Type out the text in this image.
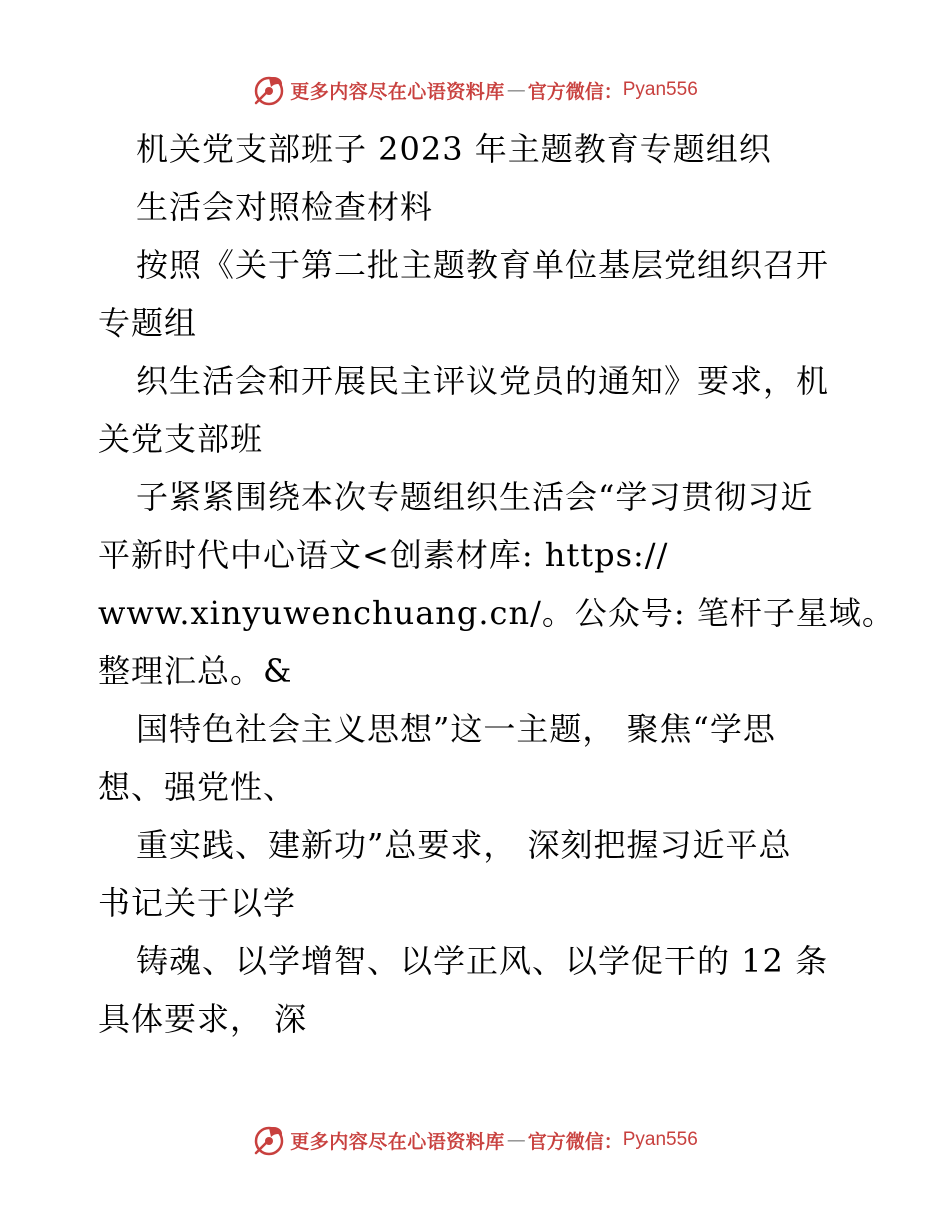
更多内容尽在心语资料库 — 官方微信： Pyan556
机关党支部班子 2023 年主题教育专题组织
生活会对照检查材料
按照《关于第二批主题教育单位基层党组织召开
专题组
织生活会和开展民主评议党员的通知》要求，机
关党支部班
子紧紧围绕本次专题组织生活会“学习贯彻习近
平新时代中心语文<创素材库: https://
www.xinyuwenchuang.cn/。公众号: 笔杆子星域。
整理汇总。&
国特色社会主义思想”这一主题， 聚焦“学思
想、强党性、
重实践、建新功”总要求， 深刻把握习近平总
书记关于以学
铸魂、以学增智、以学正风、以学促干的 12 条
具体要求， 深
更多内容尽在心语资料库 — 官方微信： Pyan556
